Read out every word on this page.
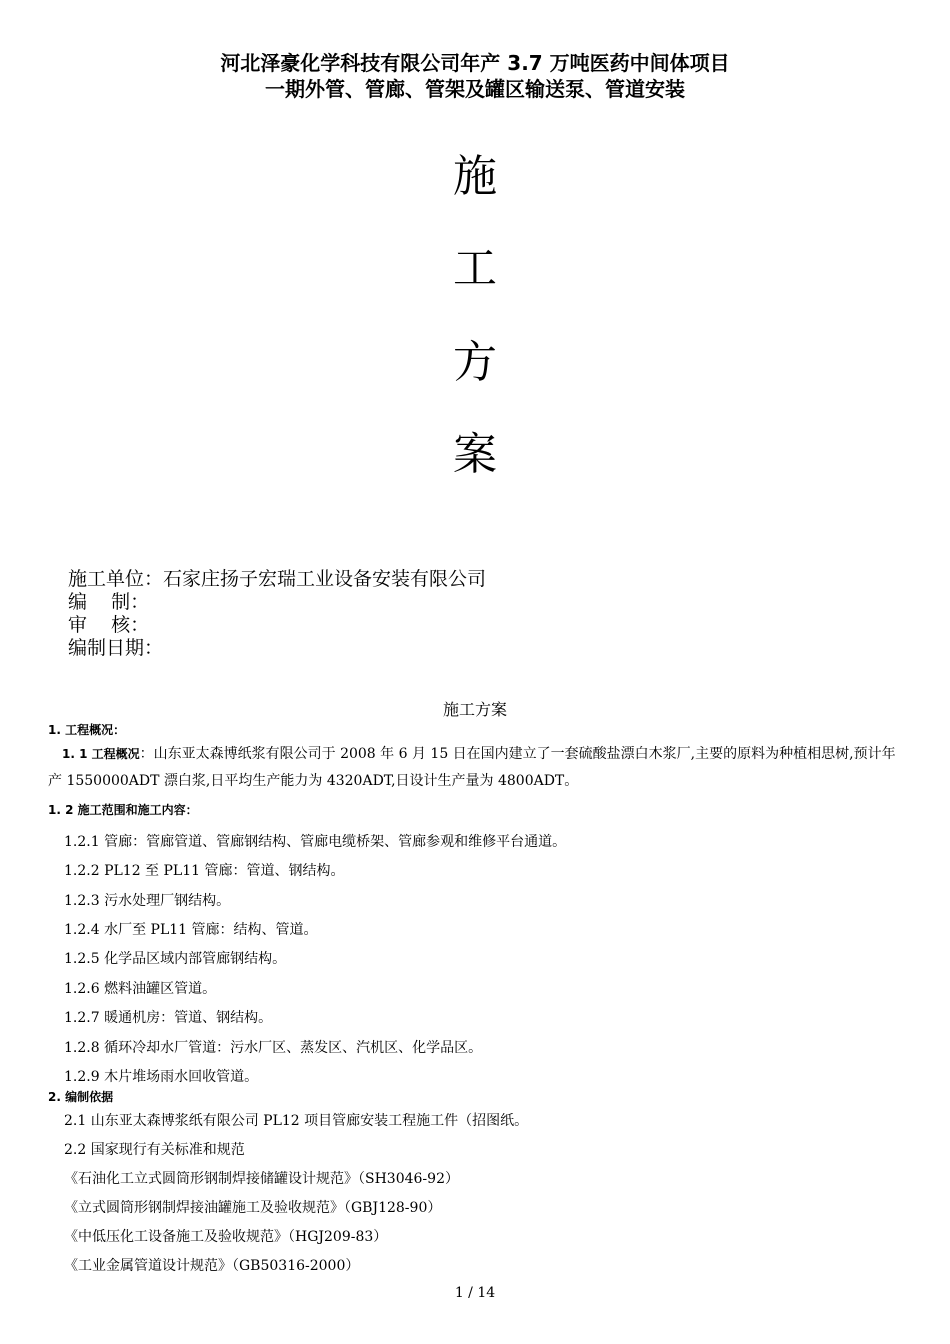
河北泽豪化学科技有限公司年产 3.7 万吨医药中间体项目
一期外管、管廊、管架及罐区输送泵、管道安装
施
工
方
案
施工单位：石家庄扬子宏瑞工业设备安装有限公司
编    制：
审    核：
编制日期：
施工方案
1. 工程概况：
1. 1 工程概况：山东亚太森博纸浆有限公司于 2008 年 6 月 15 日在国内建立了一套硫酸盐漂白木浆厂,主要的原料为种植相思树,预计年产 1550000ADT 漂白浆,日平均生产能力为 4320ADT,日设计生产量为 4800ADT。
1. 2 施工范围和施工内容：
1.2.1 管廊：管廊管道、管廊钢结构、管廊电缆桥架、管廊参观和维修平台通道。
1.2.2 PL12 至 PL11 管廊：管道、钢结构。
1.2.3 污水处理厂钢结构。
1.2.4 水厂至 PL11 管廊：结构、管道。
1.2.5 化学品区域内部管廊钢结构。
1.2.6 燃料油罐区管道。
1.2.7 暖通机房：管道、钢结构。
1.2.8 循环冷却水厂管道：污水厂区、蒸发区、汽机区、化学品区。
1.2.9 木片堆场雨水回收管道。
2. 编制依据
2.1 山东亚太森博浆纸有限公司 PL12 项目管廊安装工程施工件（招图纸。
2.2 国家现行有关标准和规范
《石油化工立式圆筒形钢制焊接储罐设计规范》（SH3046-92）
《立式圆筒形钢制焊接油罐施工及验收规范》（GBJ128-90）
《中低压化工设备施工及验收规范》（HGJ209-83）
《工业金属管道设计规范》（GB50316-2000）
1 / 14
